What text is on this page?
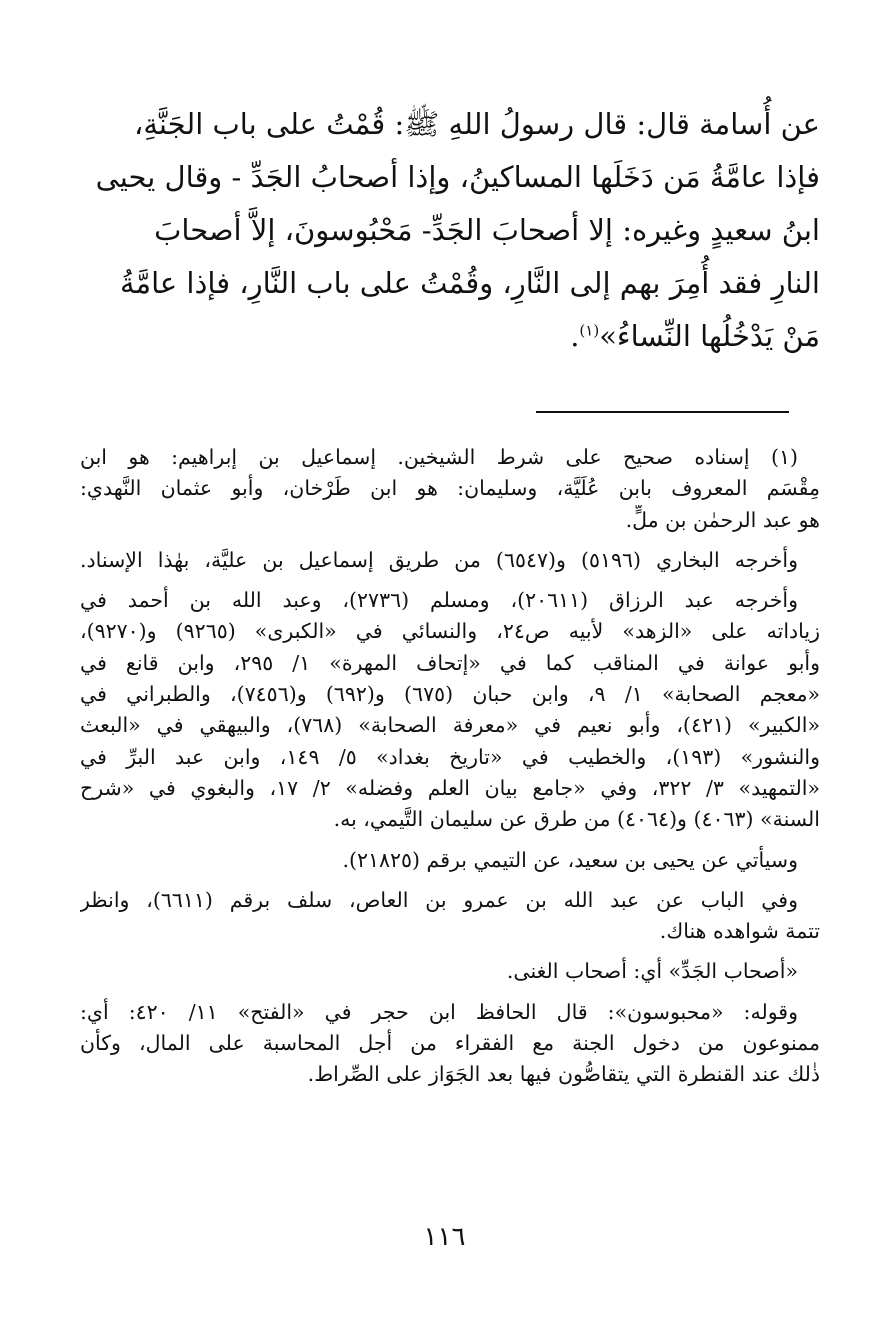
عن أُسامة قال: قال رسولُ اللهِ ﷺ: قُمْتُ على باب الجَنَّةِ،
فإذا عامَّةُ مَن دَخَلَها المساكينُ، وإذا أصحابُ الجَدِّ - وقال يحيى
ابنُ سعيدٍ وغيره: إلا أصحابَ الجَدِّ- مَحْبُوسونَ، إلاَّ أصحابَ
النارِ فقد أُمِرَ بهم إلى النَّارِ، وقُمْتُ على باب النَّارِ، فإذا عامَّةُ
مَنْ يَدْخُلُها النِّساءُ»$^{(١)}$.
(١) إسناده صحيح على شرط الشيخين. إسماعيل بن إبراهيم: هو ابن
مِقْسَم المعروف بابن عُلَيَّة، وسليمان: هو ابن طَرْخان، وأبو عثمان النَّهدي:
هو عبد الرحمٰن بن ملٍّ.
وأخرجه البخاري (٥١٩٦) و(٦٥٤٧) من طريق إسماعيل بن عليَّة، بهٰذا الإسناد.
وأخرجه عبد الرزاق (٢٠٦١١)، ومسلم (٢٧٣٦)، وعبد الله بن أحمد في
زياداته على «الزهد» لأبيه ص٢٤، والنسائي في «الكبرى» (٩٢٦٥) و(٩٢٧٠)،
وأبو عوانة في المناقب كما في «إتحاف المهرة» ١/ ٢٩٥، وابن قانع في
«معجم الصحابة» ١/ ٩، وابن حبان (٦٧٥) و(٦٩٢) و(٧٤٥٦)، والطبراني في
«الكبير» (٤٢١)، وأبو نعيم في «معرفة الصحابة» (٧٦٨)، والبيهقي في «البعث
والنشور» (١٩٣)، والخطيب في «تاريخ بغداد» ٥/ ١٤٩، وابن عبد البرِّ في
«التمهيد» ٣/ ٣٢٢، وفي «جامع بيان العلم وفضله» ٢/ ١٧، والبغوي في «شرح
السنة» (٤٠٦٣) و(٤٠٦٤) من طرق عن سليمان التَّيمي، به.
وسيأتي عن يحيى بن سعيد، عن التيمي برقم (٢١٨٢٥).
وفي الباب عن عبد الله بن عمرو بن العاص، سلف برقم (٦٦١١)، وانظر
تتمة شواهده هناك.
«أصحاب الجَدِّ» أي: أصحاب الغنى.
وقوله: «محبوسون»: قال الحافظ ابن حجر في «الفتح» ١١/ ٤٢٠: أي:
ممنوعون من دخول الجنة مع الفقراء من أجل المحاسبة على المال، وكأن
ذٰلك عند القنطرة التي يتقاصُّون فيها بعد الجَوَاز على الصِّراط.
١١٦
